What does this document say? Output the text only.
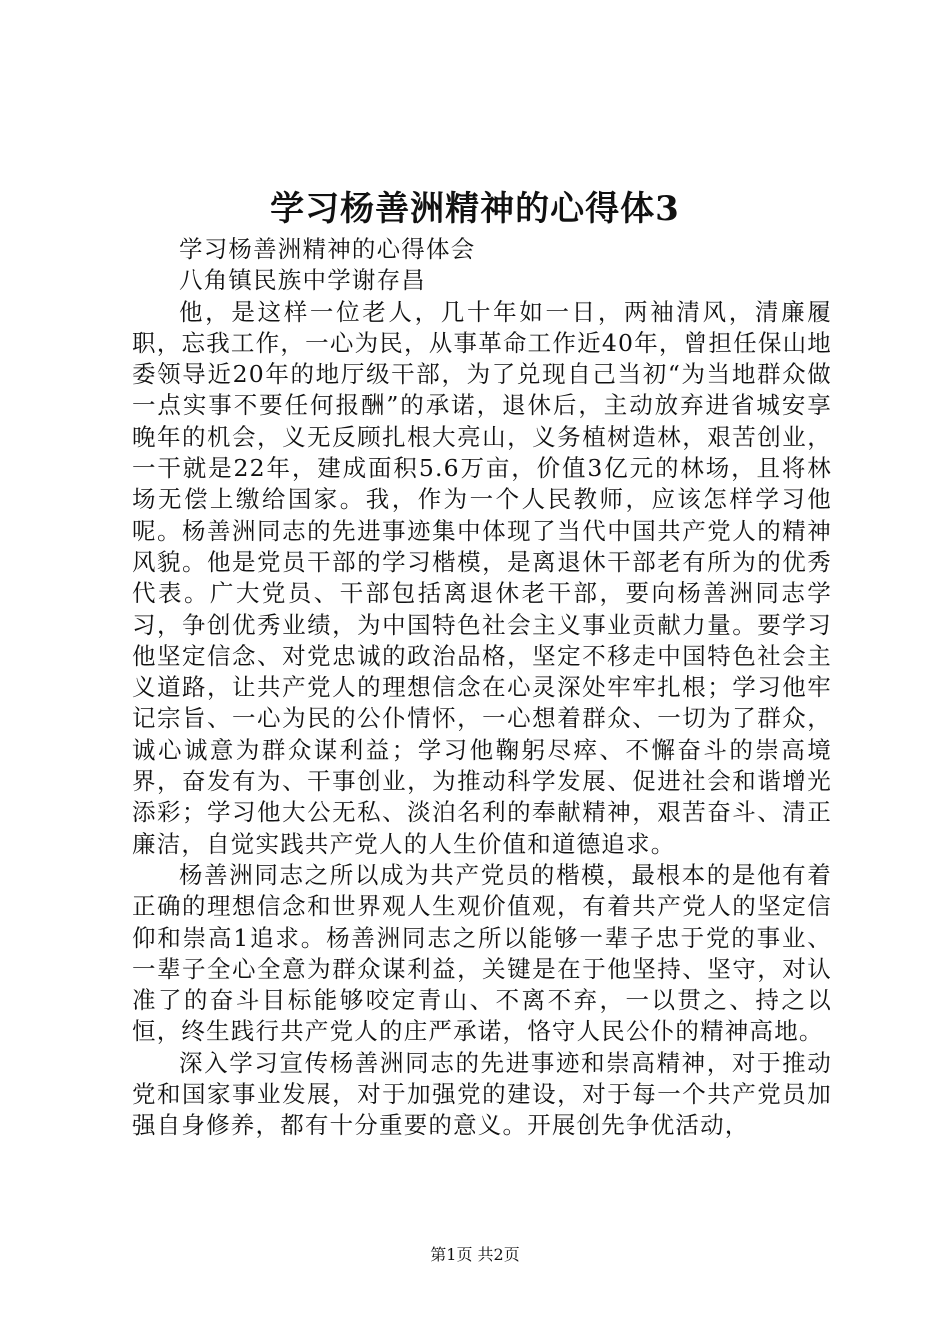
学习杨善洲精神的心得体3

学习杨善洲精神的心得体会

八角镇民族中学谢存昌

他，是这样一位老人，几十年如一日，两袖清风，清廉履职，忘我工作，一心为民，从事革命工作近40年，曾担任保山地委领导近20年的地厅级干部，为了兑现自己当初“为当地群众做一点实事不要任何报酬”的承诺，退休后，主动放弃进省城安享晚年的机会，义无反顾扎根大亮山，义务植树造林，艰苦创业，一干就是22年，建成面积5.6万亩，价值3亿元的林场，且将林场无偿上缴给国家。我，作为一个人民教师，应该怎样学习他呢。杨善洲同志的先进事迹集中体现了当代中国共产党人的精神风貌。他是党员干部的学习楷模，是离退休干部老有所为的优秀代表。广大党员、干部包括离退休老干部，要向杨善洲同志学习，争创优秀业绩，为中国特色社会主义事业贡献力量。要学习他坚定信念、对党忠诚的政治品格，坚定不移走中国特色社会主义道路，让共产党人的理想信念在心灵深处牢牢扎根；学习他牢记宗旨、一心为民的公仆情怀，一心想着群众、一切为了群众，诚心诚意为群众谋利益；学习他鞠躬尽瘁、不懈奋斗的崇高境界，奋发有为、干事创业，为推动科学发展、促进社会和谐增光添彩；学习他大公无私、淡泊名利的奉献精神，艰苦奋斗、清正廉洁，自觉实践共产党人的人生价值和道德追求。

杨善洲同志之所以成为共产党员的楷模，最根本的是他有着正确的理想信念和世界观人生观价值观，有着共产党人的坚定信仰和崇高1追求。杨善洲同志之所以能够一辈子忠于党的事业、一辈子全心全意为群众谋利益，关键是在于他坚持、坚守，对认准了的奋斗目标能够咬定青山、不离不弃，一以贯之、持之以恒，终生践行共产党人的庄严承诺，恪守人民公仆的精神高地。

深入学习宣传杨善洲同志的先进事迹和崇高精神，对于推动党和国家事业发展，对于加强党的建设，对于每一个共产党员加强自身修养，都有十分重要的意义。开展创先争优活动，

第1页 共2页
